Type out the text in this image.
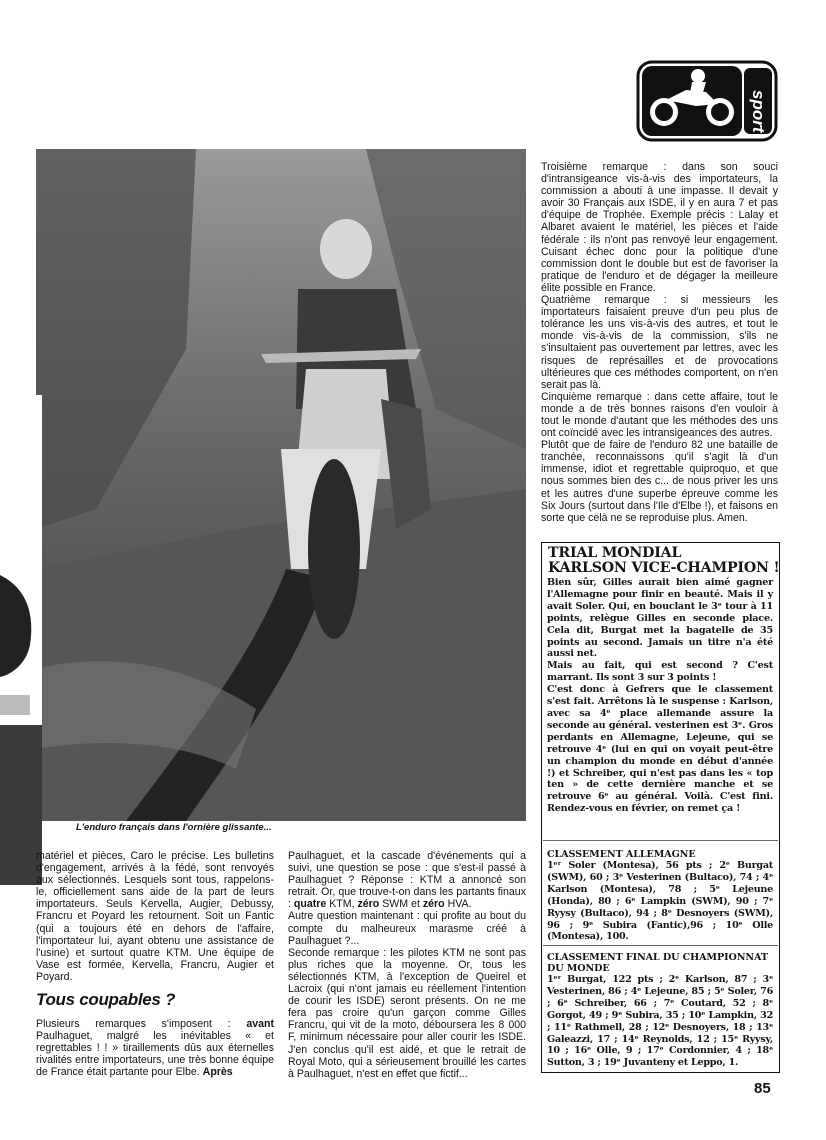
sport
L'enduro français dans l'ornière glissante...

Troisième remarque : dans son souci d'intransigeance vis-à-vis des importateurs, la commission a abouti à une impasse. Il devait y avoir 30 Français aux ISDE, il y en aura 7 et pas d'équipe de Trophée. Exemple précis : Lalay et Albaret avaient le matériel, les pièces et l'aide fédérale : ils n'ont pas renvoyé leur engagement. Cuisant échec donc pour la politique d'une commission dont le double but est de favoriser la pratique de l'enduro et de dégager la meilleure élite possible en France.

Quatrième remarque : si messieurs les importateurs faisaient preuve d'un peu plus de tolérance les uns vis-à-vis des autres, et tout le monde vis-à-vis de la commission, s'ils ne s'insultaient pas ouvertement par lettres, avec les risques de représailles et de provocations ultérieures que ces méthodes comportent, on n'en serait pas là.

Cinquième remarque : dans cette affaire, tout le monde a de très bonnes raisons d'en vouloir à tout le monde d'autant que les méthodes des uns ont coïncidé avec les intransigeances des autres.

Plutôt que de faire de l'enduro 82 une bataille de tranchée, reconnaissons qu'il s'agit là d'un immense, idiot et regrettable quiproquo, et que nous sommes bien des c... de nous priver les uns et les autres d'une superbe épreuve comme les Six Jours (surtout dans l'Ile d'Elbe !), et faisons en sorte que celà ne se reproduise plus. Amen.

matériel et pièces, Caro le précise. Les bulletins d'engagement, arrivés à la fédé, sont renvoyés aux sélectionnés. Lesquels sont tous, rappelons-le, officiellement sans aide de la part de leurs importateurs. Seuls Kervella, Augier, Debussy, Francru et Poyard les retournent. Soit un Fantic (qui a toujours été en dehors de l'affaire, l'importateur lui, ayant obtenu une assistance de l'usine) et surtout quatre KTM. Une équipe de Vase est formée, Kervella, Francru, Augier et Poyard.

Tous coupables ?
Plusieurs remarques s'imposent : avant Paulhaguet, malgré les inévitables « et regrettables ! ! » tiraillements dûs aux éternelles rivalités entre importateurs, une très bonne équipe de France était partante pour Elbe. Après

Paulhaguet, et la cascade d'événements qui a suivi, une question se pose : que s'est-il passé à Paulhaguet ? Réponse : KTM a annoncé son retrait. Or, que trouve-t-on dans les partants finaux : quatre KTM, zéro SWM et zéro HVA.

Autre question maintenant : qui profite au bout du compte du malheureux marasme créé à Paulhaguet ?...

Seconde remarque : les pilotes KTM ne sont pas plus riches que la moyenne. Or, tous les sélectionnés KTM, à l'exception de Queirel et Lacroix (qui n'ont jamais eu réellement l'intention de courir les ISDE) seront présents. On ne me fera pas croire qu'un garçon comme Gilles Francru, qui vit de la moto, déboursera les 8 000 F, minimum nécessaire pour aller courir les ISDE. J'en conclus qu'il est aidé, et que le retrait de Royal Moto, qui a sérieusement brouillé les cartes à Paulhaguet, n'est en effet que fictif...

TRIAL MONDIAL
KARLSON VICE-CHAMPION !

Bien sûr, Gilles aurait bien aimé gagner l'Allemagne pour finir en beauté. Mais il y avait Soler. Qui, en bouclant le 3ᵉ tour à 11 points, relègue Gilles en seconde place. Cela dit, Burgat met la bagatelle de 35 points au second. Jamais un titre n'a été aussi net.

Mais au fait, qui est second ? C'est marrant. Ils sont 3 sur 3 points !

C'est donc à Gefrers que le classement s'est fait. Arrêtons là le suspense : Karlson, avec sa 4ᵉ place allemande assure la seconde au général. vesterinen est 3ᵉ. Gros perdants en Allemagne, Lejeune, qui se retrouve 4ᵉ (lui en qui on voyait peut-être un champion du monde en début d'année !) et Schreiber, qui n'est pas dans les « top ten » de cette dernière manche et se retrouve 6ᵉ au général. Voilà. C'est fini. Rendez-vous en février, on remet ça !

CLASSEMENT ALLEMAGNE
1ᵉʳ Soler (Montesa), 56 pts ; 2ᵉ Burgat (SWM), 60 ; 3ᵉ Vesterinen (Bultaco), 74 ; 4ᵉ Karlson (Montesa), 78 ; 5ᵉ Lejeune (Honda), 80 ; 6ᵉ Lampkin (SWM), 90 ; 7ᵉ Ryysy (Bultaco), 94 ; 8ᵉ Desnoyers (SWM), 96 ; 9ᵉ Subira (Fantic),96 ; 10ᵉ Olle (Montesa), 100.
CLASSEMENT FINAL DU CHAMPIONNAT
DU MONDE
1ᵉʳ Burgat, 122 pts ; 2ᵉ Karlson, 87 ; 3ᵉ Vesterinen, 86 ; 4ᵉ Lejeune, 85 ; 5ᵉ Soler, 76 ; 6ᵉ Schreiber, 66 ; 7ᵉ Coutard, 52 ; 8ᵉ Gorgot, 49 ; 9ᵉ Subira, 35 ; 10ᵉ Lampkin, 32 ; 11ᵉ Rathmell, 28 ; 12ᵉ Desnoyers, 18 ; 13ᵉ Galeazzi, 17 ; 14ᵉ Reynolds, 12 ; 15ᵉ Ryysy, 10 ; 16ᵉ Olle, 9 ; 17ᵉ Cordonnier, 4 ; 18ᵉ Sutton, 3 ; 19ᵉ Juvanteny et Leppo, 1.
85
